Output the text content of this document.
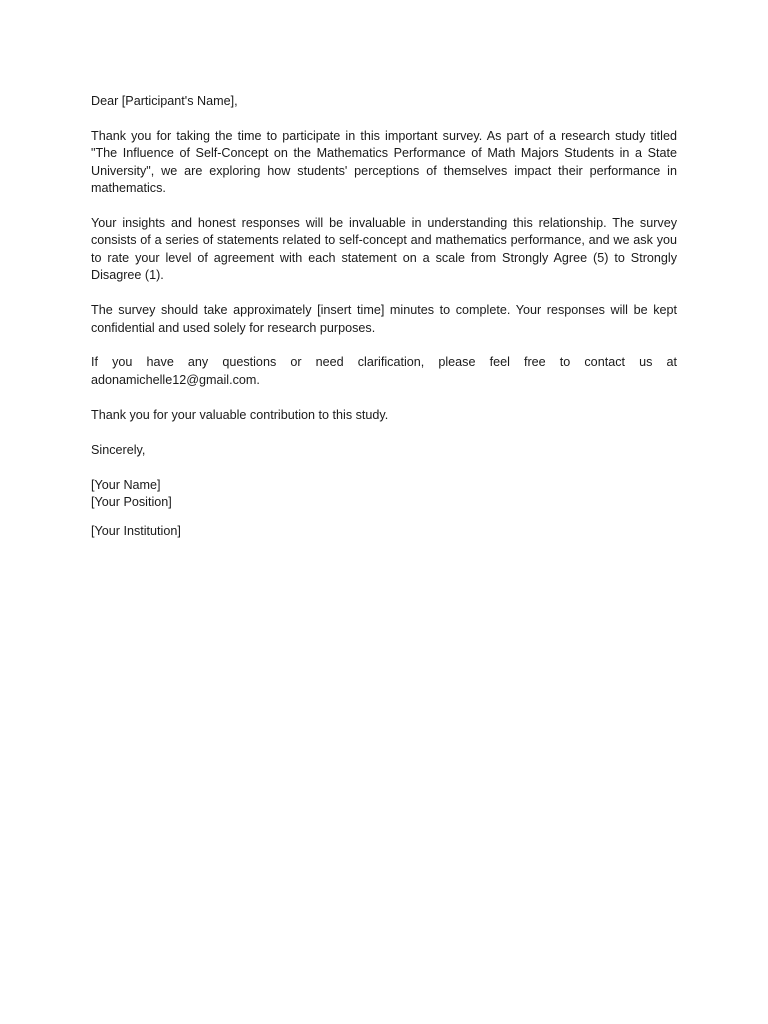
Dear [Participant's Name],

Thank you for taking the time to participate in this important survey. As part of a research study titled "The Influence of Self-Concept on the Mathematics Performance of Math Majors Students in a State University", we are exploring how students' perceptions of themselves impact their performance in mathematics.

Your insights and honest responses will be invaluable in understanding this relationship. The survey consists of a series of statements related to self-concept and mathematics performance, and we ask you to rate your level of agreement with each statement on a scale from Strongly Agree (5) to Strongly Disagree (1).

The survey should take approximately [insert time] minutes to complete. Your responses will be kept confidential and used solely for research purposes.

If you have any questions or need clarification, please feel free to contact us at adonamichelle12@gmail.com.

Thank you for your valuable contribution to this study.

Sincerely,

[Your Name]

[Your Position]

[Your Institution]
